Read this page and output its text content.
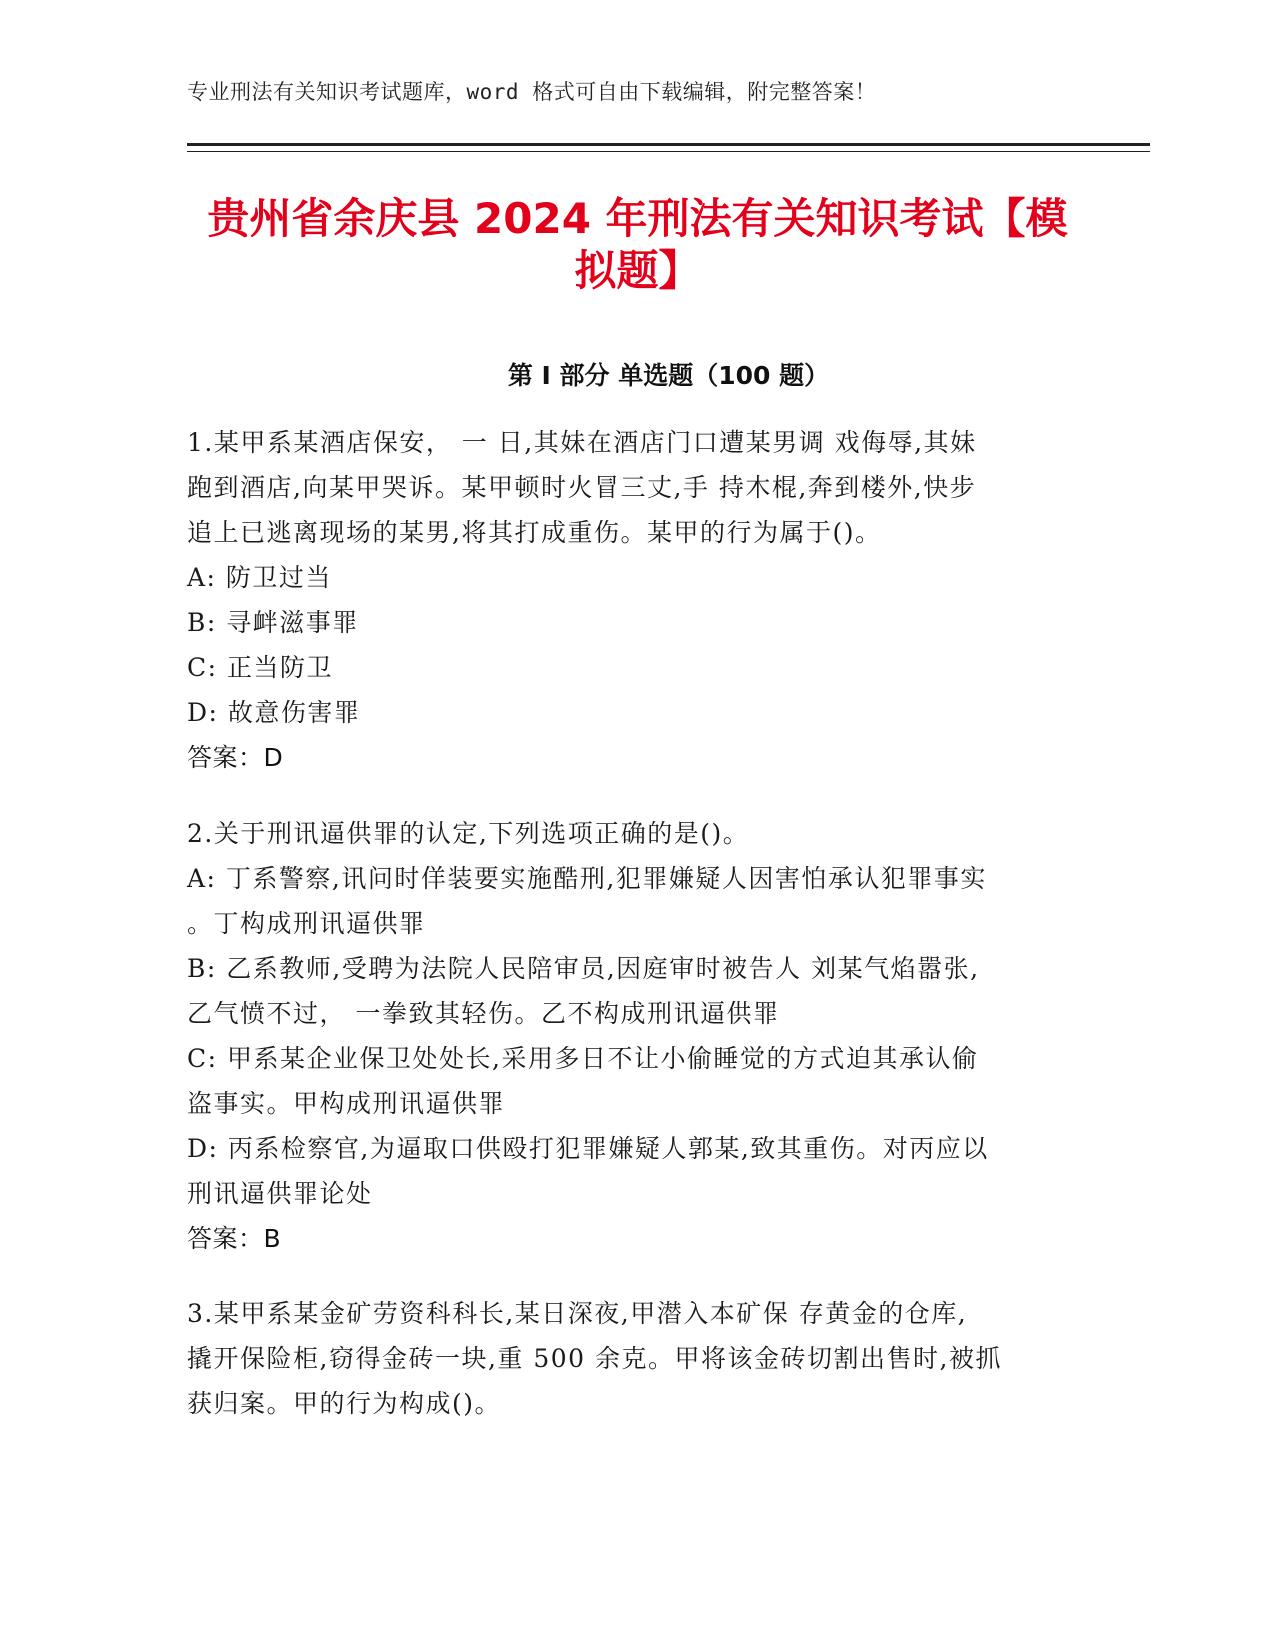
专业刑法有关知识考试题库，word 格式可自由下载编辑，附完整答案！
贵州省余庆县 2024 年刑法有关知识考试【模
拟题】
第 I 部分 单选题（100 题）

1.某甲系某酒店保安， 一 日,其妹在酒店门口遭某男调 戏侮辱,其妹

跑到酒店,向某甲哭诉。某甲顿时火冒三丈,手 持木棍,奔到楼外,快步

追上已逃离现场的某男,将其打成重伤。某甲的行为属于()。

A: 防卫过当

B: 寻衅滋事罪

C: 正当防卫

D: 故意伤害罪

答案：D

2.关于刑讯逼供罪的认定,下列选项正确的是()。

A: 丁系警察,讯问时佯装要实施酷刑,犯罪嫌疑人因害怕承认犯罪事实

。丁构成刑讯逼供罪

B: 乙系教师,受聘为法院人民陪审员,因庭审时被告人 刘某气焰嚣张,

乙气愤不过， 一拳致其轻伤。乙不构成刑讯逼供罪

C: 甲系某企业保卫处处长,采用多日不让小偷睡觉的方式迫其承认偷

盗事实。甲构成刑讯逼供罪

D: 丙系检察官,为逼取口供殴打犯罪嫌疑人郭某,致其重伤。对丙应以

刑讯逼供罪论处

答案：B

3.某甲系某金矿劳资科科长,某日深夜,甲潜入本矿保 存黄金的仓库,

撬开保险柜,窃得金砖一块,重 500 余克。甲将该金砖切割出售时,被抓

获归案。甲的行为构成()。
